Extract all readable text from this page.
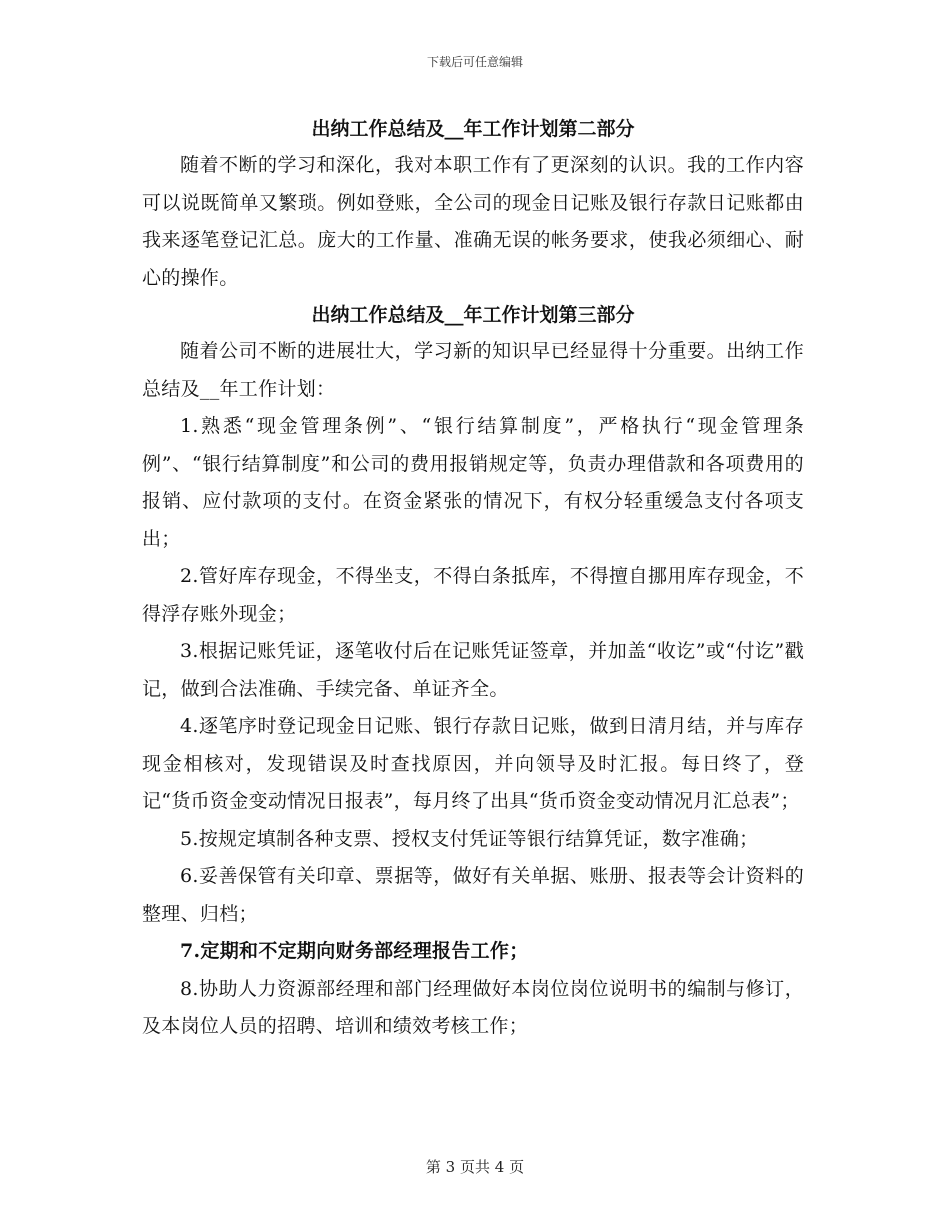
下载后可任意编辑
出纳工作总结及__年工作计划第二部分

随着不断的学习和深化，我对本职工作有了更深刻的认识。我的工作内容可以说既简单又繁琐。例如登账，全公司的现金日记账及银行存款日记账都由我来逐笔登记汇总。庞大的工作量、准确无误的帐务要求，使我必须细心、耐心的操作。

出纳工作总结及__年工作计划第三部分

随着公司不断的进展壮大，学习新的知识早已经显得十分重要。出纳工作总结及__年工作计划：

1.熟悉“现金管理条例”、“银行结算制度”，严格执行“现金管理条例”、“银行结算制度”和公司的费用报销规定等，负责办理借款和各项费用的报销、应付款项的支付。在资金紧张的情况下，有权分轻重缓急支付各项支出；

2.管好库存现金，不得坐支，不得白条抵库，不得擅自挪用库存现金，不得浮存账外现金；

3.根据记账凭证，逐笔收付后在记账凭证签章，并加盖“收讫”或“付讫”戳记，做到合法准确、手续完备、单证齐全。

4.逐笔序时登记现金日记账、银行存款日记账，做到日清月结，并与库存现金相核对，发现错误及时查找原因，并向领导及时汇报。每日终了，登记“货币资金变动情况日报表”，每月终了出具“货币资金变动情况月汇总表”；

5.按规定填制各种支票、授权支付凭证等银行结算凭证，数字准确；

6.妥善保管有关印章、票据等，做好有关单据、账册、报表等会计资料的整理、归档；

7.定期和不定期向财务部经理报告工作；

8.协助人力资源部经理和部门经理做好本岗位岗位说明书的编制与修订，及本岗位人员的招聘、培训和绩效考核工作；

第 3 页共 4 页
